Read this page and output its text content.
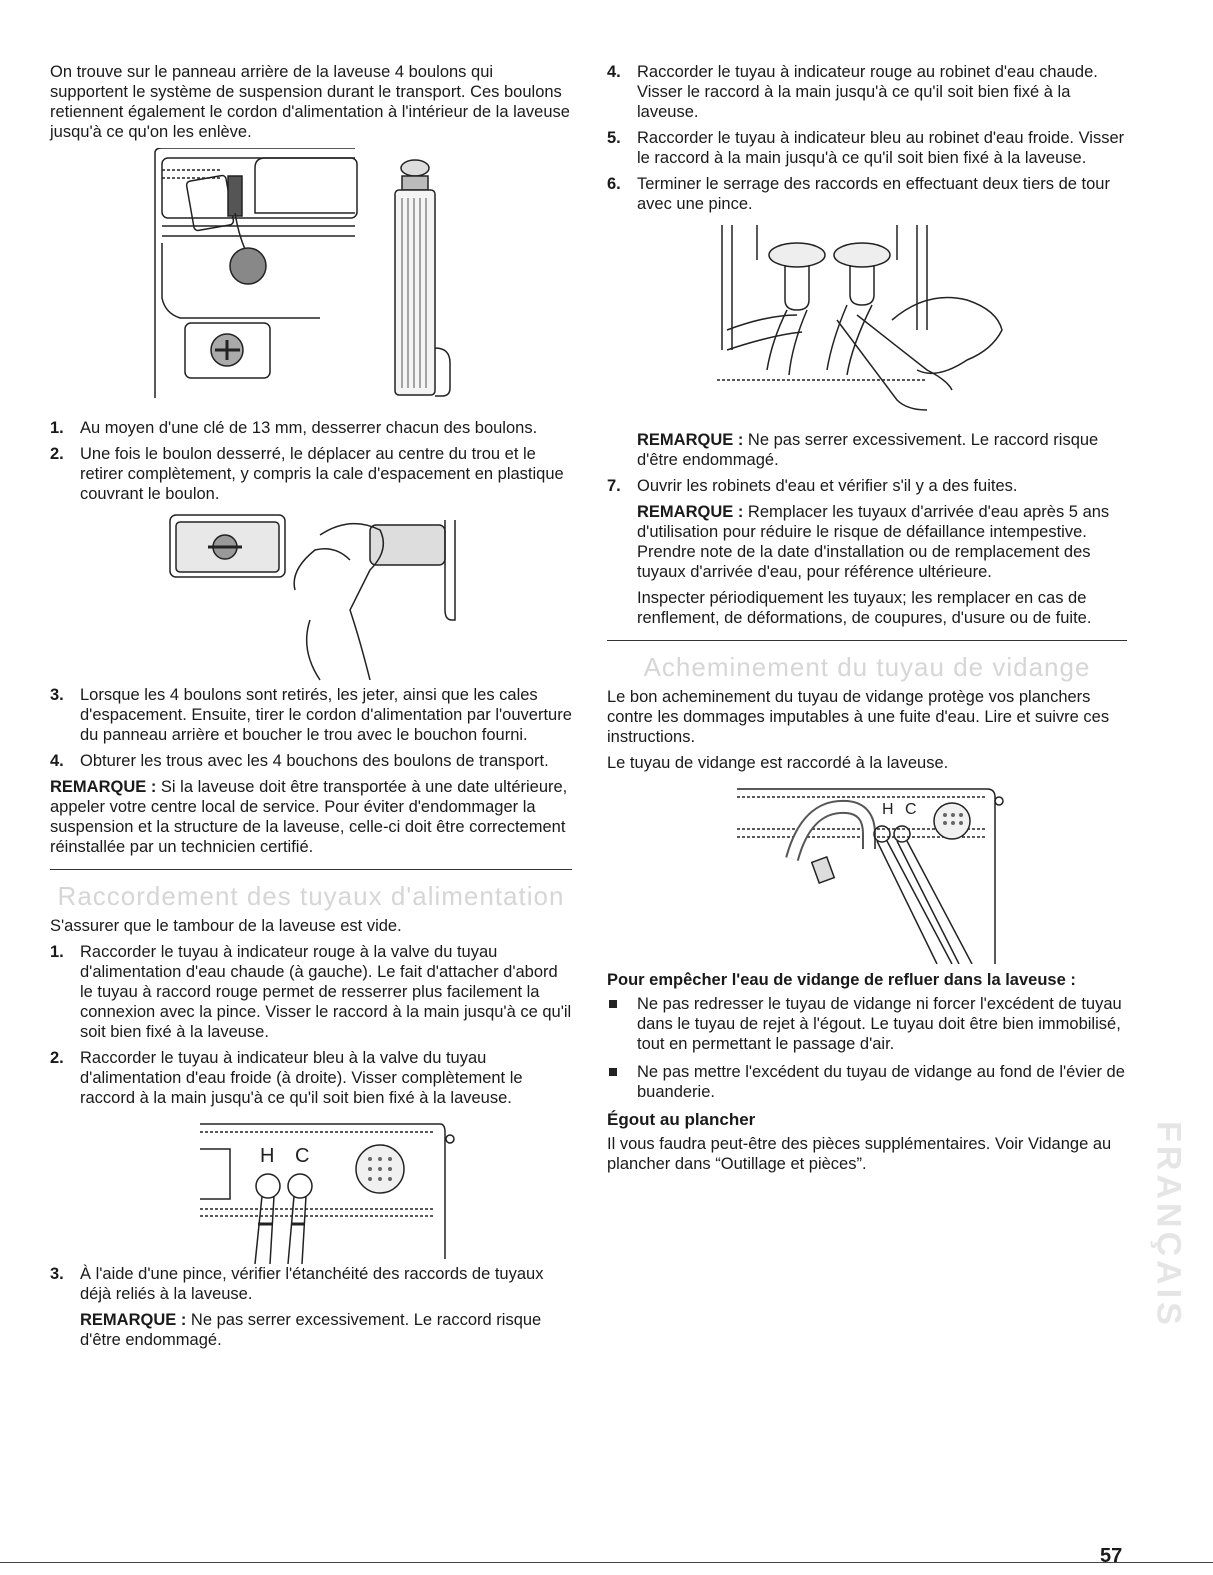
On trouve sur le panneau arrière de la laveuse 4 boulons qui supportent le système de suspension durant le transport. Ces boulons retiennent également le cordon d'alimentation à l'intérieur de la laveuse jusqu'à ce qu'on les enlève.

1. Au moyen d'une clé de 13 mm, desserrer chacun des boulons.
2. Une fois le boulon desserré, le déplacer au centre du trou et le retirer complètement, y compris la cale d'espacement en plastique couvrant le boulon.
3. Lorsque les 4 boulons sont retirés, les jeter, ainsi que les cales d'espacement. Ensuite, tirer le cordon d'alimentation par l'ouverture du panneau arrière et boucher le trou avec le bouchon fourni.
4. Obturer les trous avec les 4 bouchons des boulons de transport.

REMARQUE : Si la laveuse doit être transportée à une date ultérieure, appeler votre centre local de service. Pour éviter d'endommager la suspension et la structure de la laveuse, celle-ci doit être correctement réinstallée par un technicien certifié.

Raccordement des tuyaux d'alimentation

S'assurer que le tambour de la laveuse est vide.

1. Raccorder le tuyau à indicateur rouge à la valve du tuyau d'alimentation d'eau chaude (à gauche). Le fait d'attacher d'abord le tuyau à raccord rouge permet de resserrer plus facilement la connexion avec la pince. Visser le raccord à la main jusqu'à ce qu'il soit bien fixé à la laveuse.
2. Raccorder le tuyau à indicateur bleu à la valve du tuyau d'alimentation d'eau froide (à droite). Visser complètement le raccord à la main jusqu'à ce qu'il soit bien fixé à la laveuse.
H C
3. À l'aide d'une pince, vérifier l'étanchéité des raccords de tuyaux déjà reliés à la laveuse.

REMARQUE : Ne pas serrer excessivement. Le raccord risque d'être endommagé.

4. Raccorder le tuyau à indicateur rouge au robinet d'eau chaude. Visser le raccord à la main jusqu'à ce qu'il soit bien fixé à la laveuse.
5. Raccorder le tuyau à indicateur bleu au robinet d'eau froide. Visser le raccord à la main jusqu'à ce qu'il soit bien fixé à la laveuse.
6. Terminer le serrage des raccords en effectuant deux tiers de tour avec une pince.

REMARQUE : Ne pas serrer excessivement. Le raccord risque d'être endommagé.

7. Ouvrir les robinets d'eau et vérifier s'il y a des fuites.

REMARQUE : Remplacer les tuyaux d'arrivée d'eau après 5 ans d'utilisation pour réduire le risque de défaillance intempestive. Prendre note de la date d'installation ou de remplacement des tuyaux d'arrivée d'eau, pour référence ultérieure.

Inspecter périodiquement les tuyaux; les remplacer en cas de renflement, de déformations, de coupures, d'usure ou de fuite.

Acheminement du tuyau de vidange

Le bon acheminement du tuyau de vidange protège vos planchers contre les dommages imputables à une fuite d'eau. Lire et suivre ces instructions.

Le tuyau de vidange est raccordé à la laveuse.

H C
Pour empêcher l'eau de vidange de refluer dans la laveuse :
Ne pas redresser le tuyau de vidange ni forcer l'excédent de tuyau dans le tuyau de rejet à l'égout. Le tuyau doit être bien immobilisé, tout en permettant le passage d'air.
Ne pas mettre l'excédent du tuyau de vidange au fond de l'évier de buanderie.
Égout au plancher

Il vous faudra peut-être des pièces supplémentaires. Voir Vidange au plancher dans “Outillage et pièces”.	FRANÇAIS
57
